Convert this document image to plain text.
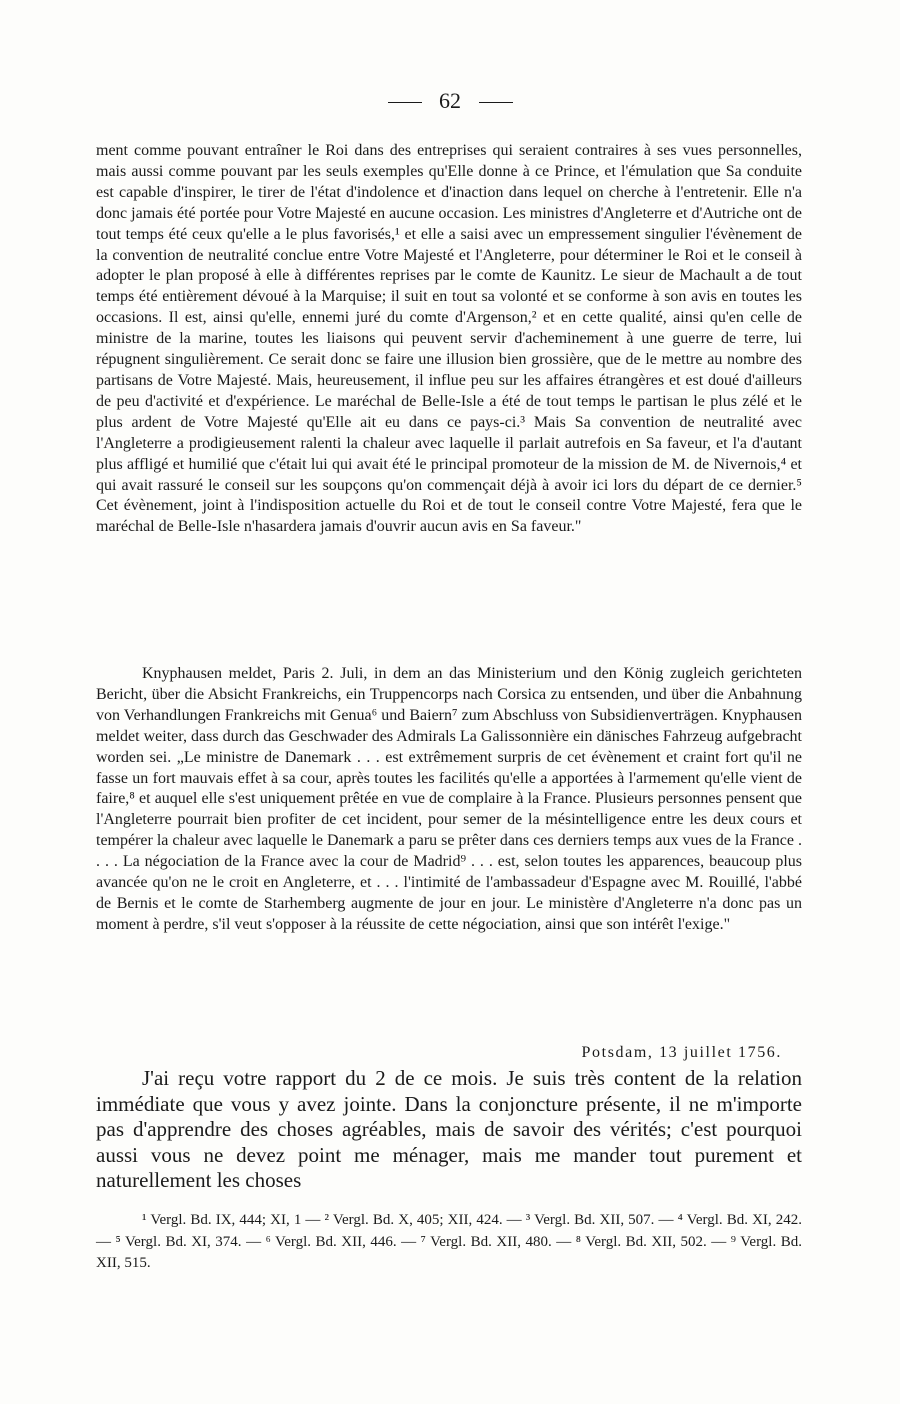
62

ment comme pouvant entraîner le Roi dans des entreprises qui seraient contraires à ses vues personnelles, mais aussi comme pouvant par les seuls exemples qu'Elle donne à ce Prince, et l'émulation que Sa conduite est capable d'inspirer, le tirer de l'état d'indolence et d'inaction dans lequel on cherche à l'entretenir. Elle n'a donc jamais été portée pour Votre Majesté en aucune occasion. Les ministres d'Angleterre et d'Autriche ont de tout temps été ceux qu'elle a le plus favorisés,¹ et elle a saisi avec un empressement singulier l'évènement de la convention de neutralité conclue entre Votre Majesté et l'Angleterre, pour déterminer le Roi et le conseil à adopter le plan proposé à elle à différentes reprises par le comte de Kaunitz. Le sieur de Machault a de tout temps été entièrement dévoué à la Marquise; il suit en tout sa volonté et se conforme à son avis en toutes les occasions. Il est, ainsi qu'elle, ennemi juré du comte d'Argenson,² et en cette qualité, ainsi qu'en celle de ministre de la marine, toutes les liaisons qui peuvent servir d'acheminement à une guerre de terre, lui répugnent singulièrement. Ce serait donc se faire une illusion bien grossière, que de le mettre au nombre des partisans de Votre Majesté. Mais, heureusement, il influe peu sur les affaires étrangères et est doué d'ailleurs de peu d'activité et d'expérience. Le maréchal de Belle-Isle a été de tout temps le partisan le plus zélé et le plus ardent de Votre Majesté qu'Elle ait eu dans ce pays-ci.³ Mais Sa convention de neutralité avec l'Angleterre a prodigieusement ralenti la chaleur avec laquelle il parlait autrefois en Sa faveur, et l'a d'autant plus affligé et humilié que c'était lui qui avait été le principal promoteur de la mission de M. de Nivernois,⁴ et qui avait rassuré le conseil sur les soupçons qu'on commençait déjà à avoir ici lors du départ de ce dernier.⁵ Cet évènement, joint à l'indisposition actuelle du Roi et de tout le conseil contre Votre Majesté, fera que le maréchal de Belle-Isle n'hasardera jamais d'ouvrir aucun avis en Sa faveur."

Knyphausen meldet, Paris 2. Juli, in dem an das Ministerium und den König zugleich gerichteten Bericht, über die Absicht Frankreichs, ein Truppencorps nach Corsica zu entsenden, und über die Anbahnung von Verhandlungen Frankreichs mit Genua⁶ und Baiern⁷ zum Abschluss von Subsidienverträgen. Knyphausen meldet weiter, dass durch das Geschwader des Admirals La Galissonnière ein dänisches Fahrzeug aufgebracht worden sei. „Le ministre de Danemark . . . est extrêmement surpris de cet évènement et craint fort qu'il ne fasse un fort mauvais effet à sa cour, après toutes les facilités qu'elle a apportées à l'armement qu'elle vient de faire,⁸ et auquel elle s'est uniquement prêtée en vue de complaire à la France. Plusieurs personnes pensent que l'Angleterre pourrait bien profiter de cet incident, pour semer de la mésintelligence entre les deux cours et tempérer la chaleur avec laquelle le Danemark a paru se prêter dans ces derniers temps aux vues de la France . . . . La négociation de la France avec la cour de Madrid⁹ . . . est, selon toutes les apparences, beaucoup plus avancée qu'on ne le croit en Angleterre, et . . . l'intimité de l'ambassadeur d'Espagne avec M. Rouillé, l'abbé de Bernis et le comte de Starhemberg augmente de jour en jour. Le ministère d'Angleterre n'a donc pas un moment à perdre, s'il veut s'opposer à la réussite de cette négociation, ainsi que son intérêt l'exige."

Potsdam, 13 juillet 1756.

J'ai reçu votre rapport du 2 de ce mois. Je suis très content de la relation immédiate que vous y avez jointe. Dans la conjoncture présente, il ne m'importe pas d'apprendre des choses agréables, mais de savoir des vérités; c'est pourquoi aussi vous ne devez point me ménager, mais me mander tout purement et naturellement les choses

¹ Vergl. Bd. IX, 444; XI, 1 — ² Vergl. Bd. X, 405; XII, 424. — ³ Vergl. Bd. XII, 507. — ⁴ Vergl. Bd. XI, 242. — ⁵ Vergl. Bd. XI, 374. — ⁶ Vergl. Bd. XII, 446. — ⁷ Vergl. Bd. XII, 480. — ⁸ Vergl. Bd. XII, 502. — ⁹ Vergl. Bd. XII, 515.
